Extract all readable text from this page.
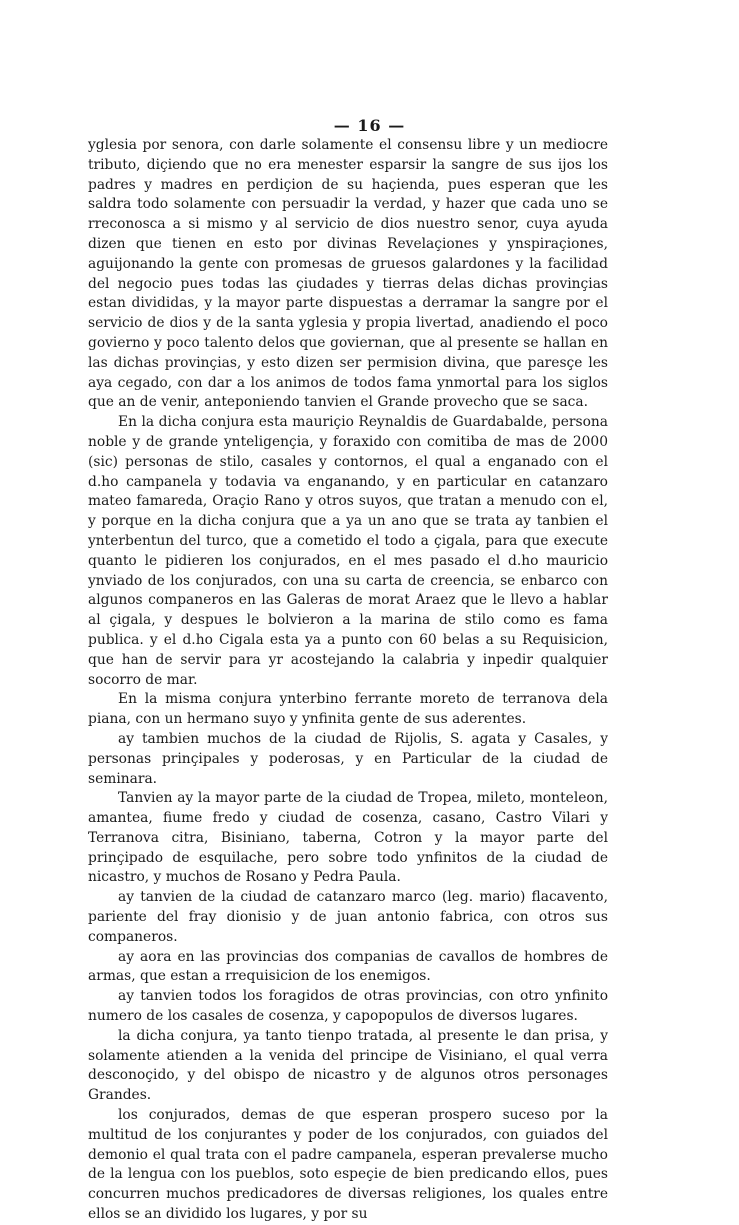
— 16 —

yglesia por senora, con darle solamente el consensu libre y un mediocre tributo, diçiendo que no era menester esparsir la sangre de sus ijos los padres y madres en perdiçion de su haçienda, pues esperan que les saldra todo solamente con persuadir la verdad, y hazer que cada uno se rreconosca a si mismo y al servicio de dios nuestro senor, cuya ayuda dizen que tienen en esto por divinas Revelaçiones y ynspiraçiones, aguijonando la gente con promesas de gruesos galardones y la facilidad del negocio pues todas las çiudades y tierras delas dichas provinçias estan divididas, y la mayor parte dispuestas a derramar la sangre por el servicio de dios y de la santa yglesia y propia livertad, anadiendo el poco govierno y poco talento delos que goviernan, que al presente se hallan en las dichas provinçias, y esto dizen ser permision divina, que paresçe les aya cegado, con dar a los animos de todos fama ynmortal para los siglos que an de venir, anteponiendo tanvien el Grande provecho que se saca.

En la dicha conjura esta mauriçio Reynaldis de Guardabalde, persona noble y de grande ynteligençia, y foraxido con comitiba de mas de 2000 (sic) personas de stilo, casales y contornos, el qual a enganado con el d.ho campanela y todavia va enganando, y en particular en catanzaro mateo famareda, Oraçio Rano y otros suyos, que tratan a menudo con el, y porque en la dicha conjura que a ya un ano que se trata ay tanbien el ynterbentun del turco, que a cometido el todo a çigala, para que execute quanto le pidieren los conjurados, en el mes pasado el d.ho mauricio ynviado de los conjurados, con una su carta de creencia, se enbarco con algunos companeros en las Galeras de morat Araez que le llevo a hablar al çigala, y despues le bolvieron a la marina de stilo como es fama publica. y el d.ho Cigala esta ya a punto con 60 belas a su Requisicion, que han de servir para yr acostejando la calabria y inpedir qualquier socorro de mar.

En la misma conjura ynterbino ferrante moreto de terranova dela piana, con un hermano suyo y ynfinita gente de sus aderentes.

ay tambien muchos de la ciudad de Rijolis, S. agata y Casales, y personas prinçipales y poderosas, y en Particular de la ciudad de seminara.

Tanvien ay la mayor parte de la ciudad de Tropea, mileto, monteleon, amantea, fiume fredo y ciudad de cosenza, casano, Castro Vilari y Terranova citra, Bisiniano, taberna, Cotron y la mayor parte del prinçipado de esquilache, pero sobre todo ynfinitos de la ciudad de nicastro, y muchos de Rosano y Pedra Paula.

ay tanvien de la ciudad de catanzaro marco (leg. mario) flacavento, pariente del fray dionisio y de juan antonio fabrica, con otros sus companeros.

ay aora en las provincias dos companias de cavallos de hombres de armas, que estan a rrequisicion de los enemigos.

ay tanvien todos los foragidos de otras provincias, con otro ynfinito numero de los casales de cosenza, y capopopulos de diversos lugares.

la dicha conjura, ya tanto tienpo tratada, al presente le dan prisa, y solamente atienden a la venida del principe de Visiniano, el qual verra desconoçido, y del obispo de nicastro y de algunos otros personages Grandes.

los conjurados, demas de que esperan prospero suceso por la multitud de los conjurantes y poder de los conjurados, con guiados del demonio el qual trata con el padre campanela, esperan prevalerse mucho de la lengua con los pueblos, soto espeçie de bien predicando ellos, pues concurren muchos predicadores de diversas religiones, los quales entre ellos se an dividido los lugares, y por su
